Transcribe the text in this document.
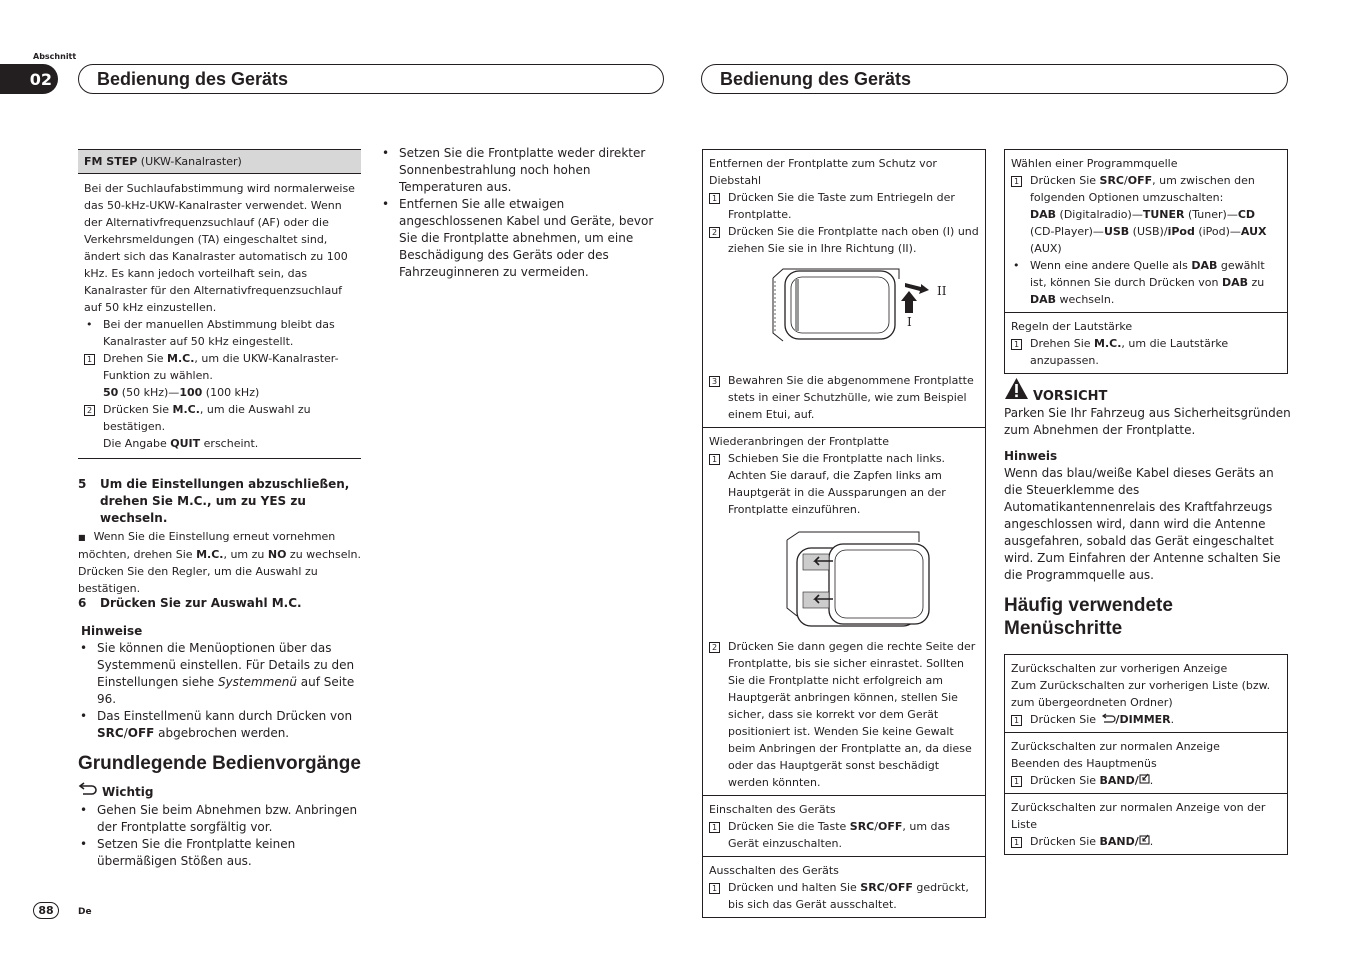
Abschnitt
02	Bedienung des Geräts	Bedienung des Geräts
FM STEP (UKW-Kanalraster)
Bei der Suchlaufabstimmung wird normalerweise das 50-kHz-UKW-Kanalraster verwendet. Wenn der Alternativfrequenzsuchlauf (AF) oder die Verkehrsmeldungen (TA) eingeschaltet sind, ändert sich das Kanalraster automatisch zu 100 kHz. Es kann jedoch vorteilhaft sein, das Kanalraster für den Alternativfrequenzsuchlauf auf 50 kHz einzustellen.
• Bei der manuellen Abstimmung bleibt das Kanalraster auf 50 kHz eingestellt.
1 Drehen Sie M.C., um die UKW-Kanalraster-Funktion zu wählen.
50 (50 kHz)—100 (100 kHz)
2 Drücken Sie M.C., um die Auswahl zu bestätigen.
Die Angabe QUIT erscheint.
5	Um die Einstellungen abzuschließen, drehen Sie M.C., um zu YES zu wechseln.
■ Wenn Sie die Einstellung erneut vornehmen möchten, drehen Sie M.C., um zu NO zu wechseln. Drücken Sie den Regler, um die Auswahl zu bestätigen.
6	Drücken Sie zur Auswahl M.C.
Hinweise
• Sie können die Menüoptionen über das Systemmenü einstellen. Für Details zu den Einstellungen siehe Systemmenü auf Seite 96.
• Das Einstellmenü kann durch Drücken von SRC/OFF abgebrochen werden.
Grundlegende Bedienvorgänge
Wichtig
• Gehen Sie beim Abnehmen bzw. Anbringen der Frontplatte sorgfältig vor.
• Setzen Sie die Frontplatte keinen übermäßigen Stößen aus.
• Setzen Sie die Frontplatte weder direkter Sonnenbestrahlung noch hohen Temperaturen aus.
• Entfernen Sie alle etwaigen angeschlossenen Kabel und Geräte, bevor Sie die Frontplatte abnehmen, um eine Beschädigung des Geräts oder des Fahrzeuginneren zu vermeiden.
Entfernen der Frontplatte zum Schutz vor Diebstahl
1 Drücken Sie die Taste zum Entriegeln der Frontplatte.
2 Drücken Sie die Frontplatte nach oben (I) und ziehen Sie sie in Ihre Richtung (II).
I
II
3 Bewahren Sie die abgenommene Frontplatte stets in einer Schutzhülle, wie zum Beispiel einem Etui, auf.
Wiederanbringen der Frontplatte
1 Schieben Sie die Frontplatte nach links. Achten Sie darauf, die Zapfen links am Hauptgerät in die Aussparungen an der Frontplatte einzuführen.
2 Drücken Sie dann gegen die rechte Seite der Frontplatte, bis sie sicher einrastet. Sollten Sie die Frontplatte nicht erfolgreich am Hauptgerät anbringen können, stellen Sie sicher, dass sie korrekt vor dem Gerät positioniert ist. Wenden Sie keine Gewalt beim Anbringen der Frontplatte an, da diese oder das Hauptgerät sonst beschädigt werden könnten.
Einschalten des Geräts
1 Drücken Sie die Taste SRC/OFF, um das Gerät einzuschalten.
Ausschalten des Geräts
1 Drücken und halten Sie SRC/OFF gedrückt, bis sich das Gerät ausschaltet.
Wählen einer Programmquelle
1 Drücken Sie SRC/OFF, um zwischen den folgenden Optionen umzuschalten:
DAB (Digitalradio)—TUNER (Tuner)—CD (CD-Player)—USB (USB)/iPod (iPod)—AUX (AUX)
• Wenn eine andere Quelle als DAB gewählt ist, können Sie durch Drücken von DAB zu DAB wechseln.
Regeln der Lautstärke
1 Drehen Sie M.C., um die Lautstärke anzupassen.
VORSICHT
Parken Sie Ihr Fahrzeug aus Sicherheitsgründen zum Abnehmen der Frontplatte.
Hinweis
Wenn das blau/weiße Kabel dieses Geräts an die Steuerklemme des Automatikantennenrelais des Kraftfahrzeugs angeschlossen wird, dann wird die Antenne ausgefahren, sobald das Gerät eingeschaltet wird. Zum Einfahren der Antenne schalten Sie die Programmquelle aus.
Häufig verwendete Menüschritte
Zurückschalten zur vorherigen Anzeige
Zum Zurückschalten zur vorherigen Liste (bzw. zum übergeordneten Ordner)
1 Drücken Sie /DIMMER.
Zurückschalten zur normalen Anzeige
Beenden des Hauptmenüs
1 Drücken Sie BAND/ .
Zurückschalten zur normalen Anzeige von der Liste
1 Drücken Sie BAND/ .
88	De
